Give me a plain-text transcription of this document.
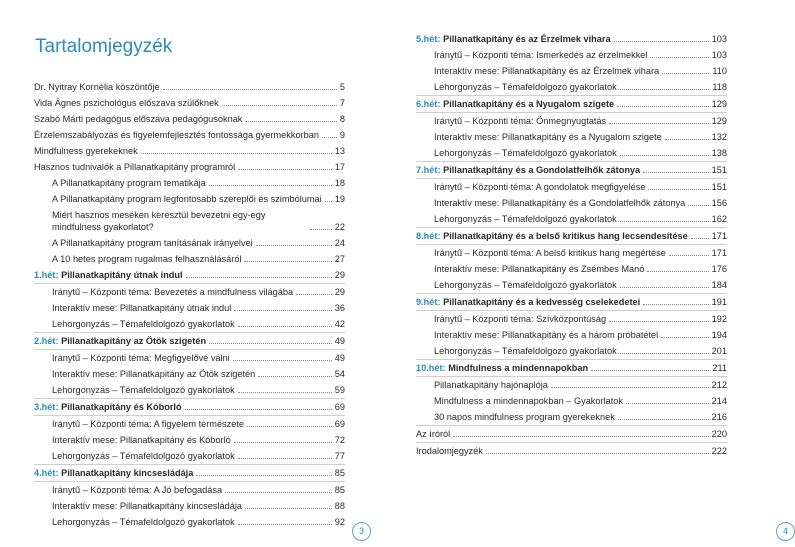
Tartalomjegyzék
Dr. Nyitray Kornélia köszöntője	5
Vida Ágnes pszichológus előszava szülőknek	7
Szabó Márti pedagógus előszava pedagógusoknak	8
Érzelemszabályozás és figyelemfejlesztés fontossága gyermekkorban 9
Mindfulness gyerekeknek	13
Hasznos tudnivalók a Pillanatkapitány programról	17
A Pillanatkapitány program tematikája	18
A Pillanatkapitány program legfontosabb szereplői és szimbólumai 19
Miért hasznos meséken keresztül bevezetni egy-egy mindfulness gyakorlatot?	22
A Pillanatkapitány program tanításának irányelvei	24
A 10 hetes program rugalmas felhasználásáról	27
1.hét: Pillanatkapitány útnak indul	29
Iránytű – Központi téma: Bevezetés a mindfulness világába	29
Interaktív mese: Pillanatkapitány útnak indul	36
Lehorgonyzás – Témafeldolgozó gyakorlatok	42
2.hét: Pillanatkapitány az Ötök szigetén	49
Iránytű – Központi téma: Megfigyelővé válni	49
Interaktív mese: Pillanatkapitány az Ötök szigetén	54
Lehorgonyzás – Témafeldolgozó gyakorlatok	59
3.hét: Pillanatkapitány és Kóborló	69
Iránytű – Központi téma: A figyelem természete	69
Interaktív mese: Pillanatkapitány és Kóborló	72
Lehorgonyzás – Témafeldolgozó gyakorlatok	77
4.hét: Pillanatkapitány kincsesládája	85
Iránytű – Központi téma: A Jó befogadása	85
Interaktív mese: Pillanatkapitány kincsesládája	88
Lehorgonyzás – Témafeldolgozó gyakorlatok	92
3
5.hét: Pillanatkapitány és az Érzelmek vihara	103
Iránytű – Központi téma: Ismerkedés az érzelmekkel	103
Interaktív mese: Pillanatkapitány és az Érzelmek vihara	110
Lehorgonyzás – Témafeldolgozó gyakorlatok	118
6.hét: Pillanatkapitány és a Nyugalom szigete	129
Iránytű – Központi téma: Önmegnyugtatás	129
Interaktív mese: Pillanatkapitány és a Nyugalom szigete	132
Lehorgonyzás – Témafeldolgozó gyakorlatok	138
7.hét: Pillanatkapitány és a Gondolatfelhők zátonya	151
Iránytű – Központi téma: A gondolatok megfigyelése	151
Interaktív mese: Pillanatkapitány és a Gondolatfelhők zátonya	156
Lehorgonyzás – Témafeldolgozó gyakorlatok	162
8.hét: Pillanatkapitány és a belső kritikus hang lecsendesítése	171
Iránytű – Központi téma: A belső kritikus hang megértése	171
Interaktív mese: Pillanatkapitány és Zsémbes Manó	176
Lehorgonyzás – Témafeldolgozó gyakorlatok	184
9.hét: Pillanatkapitány és a kedvesség cselekedetei	191
Iránytű – Központi téma: Szívközpontúság	192
Interaktív mese: Pillanatkapitány és a három próbatétel	194
Lehorgonyzás – Témafeldolgozó gyakorlatok	201
10.hét: Mindfulness a mindennapokban	211
Pillanatkapitány hajónaplója	212
Mindfulness a mindennapokban – Gyakorlatok	214
30 napos mindfulness program gyerekeknek	216
Az íróról	220
Irodalomjegyzék	222
4
